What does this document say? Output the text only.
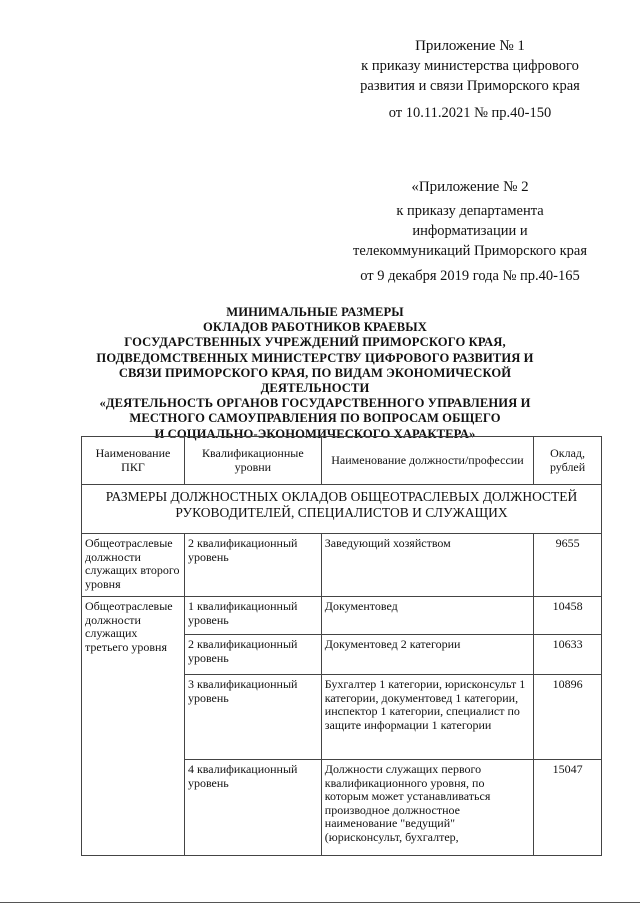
Приложение № 1
к приказу министерства цифрового
развития и связи Приморского края
от 10.11.2021 № пр.40-150
«Приложение № 2
к приказу департамента
информатизации и
телекоммуникаций Приморского края
от 9 декабря 2019 года № пр.40-165
МИНИМАЛЬНЫЕ РАЗМЕРЫ
ОКЛАДОВ РАБОТНИКОВ КРАЕВЫХ
ГОСУДАРСТВЕННЫХ УЧРЕЖДЕНИЙ ПРИМОРСКОГО КРАЯ,
ПОДВЕДОМСТВЕННЫХ МИНИСТЕРСТВУ ЦИФРОВОГО РАЗВИТИЯ И
СВЯЗИ ПРИМОРСКОГО КРАЯ, ПО ВИДАМ ЭКОНОМИЧЕСКОЙ ДЕЯТЕЛЬНОСТИ
«ДЕЯТЕЛЬНОСТЬ ОРГАНОВ ГОСУДАРСТВЕННОГО УПРАВЛЕНИЯ И
МЕСТНОГО САМОУПРАВЛЕНИЯ ПО ВОПРОСАМ ОБЩЕГО
И СОЦИАЛЬНО-ЭКОНОМИЧЕСКОГО ХАРАКТЕРА»
Наименование ПКГ	Квалификационные уровни	Наименование должности/профессии	Оклад, рублей
РАЗМЕРЫ ДОЛЖНОСТНЫХ ОКЛАДОВ ОБЩЕОТРАСЛЕВЫХ ДОЛЖНОСТЕЙ РУКОВОДИТЕЛЕЙ, СПЕЦИАЛИСТОВ И СЛУЖАЩИХ			
Общеотраслевые должности служащих второго уровня	2 квалификационный уровень	Заведующий хозяйством	9655
Общеотраслевые должности служащих третьего уровня	1 квалификационный уровень	Документовед	10458
	2 квалификационный уровень	Документовед 2 категории	10633
	3 квалификационный уровень	Бухгалтер 1 категории, юрисконсульт 1 категории, документовед 1 категории, инспектор 1 категории, специалист по защите информации 1 категории	10896
	4 квалификационный уровень	Должности служащих первого квалификационного уровня, по которым может устанавливаться производное должностное наименование "ведущий" (юрисконсульт, бухгалтер,	15047
